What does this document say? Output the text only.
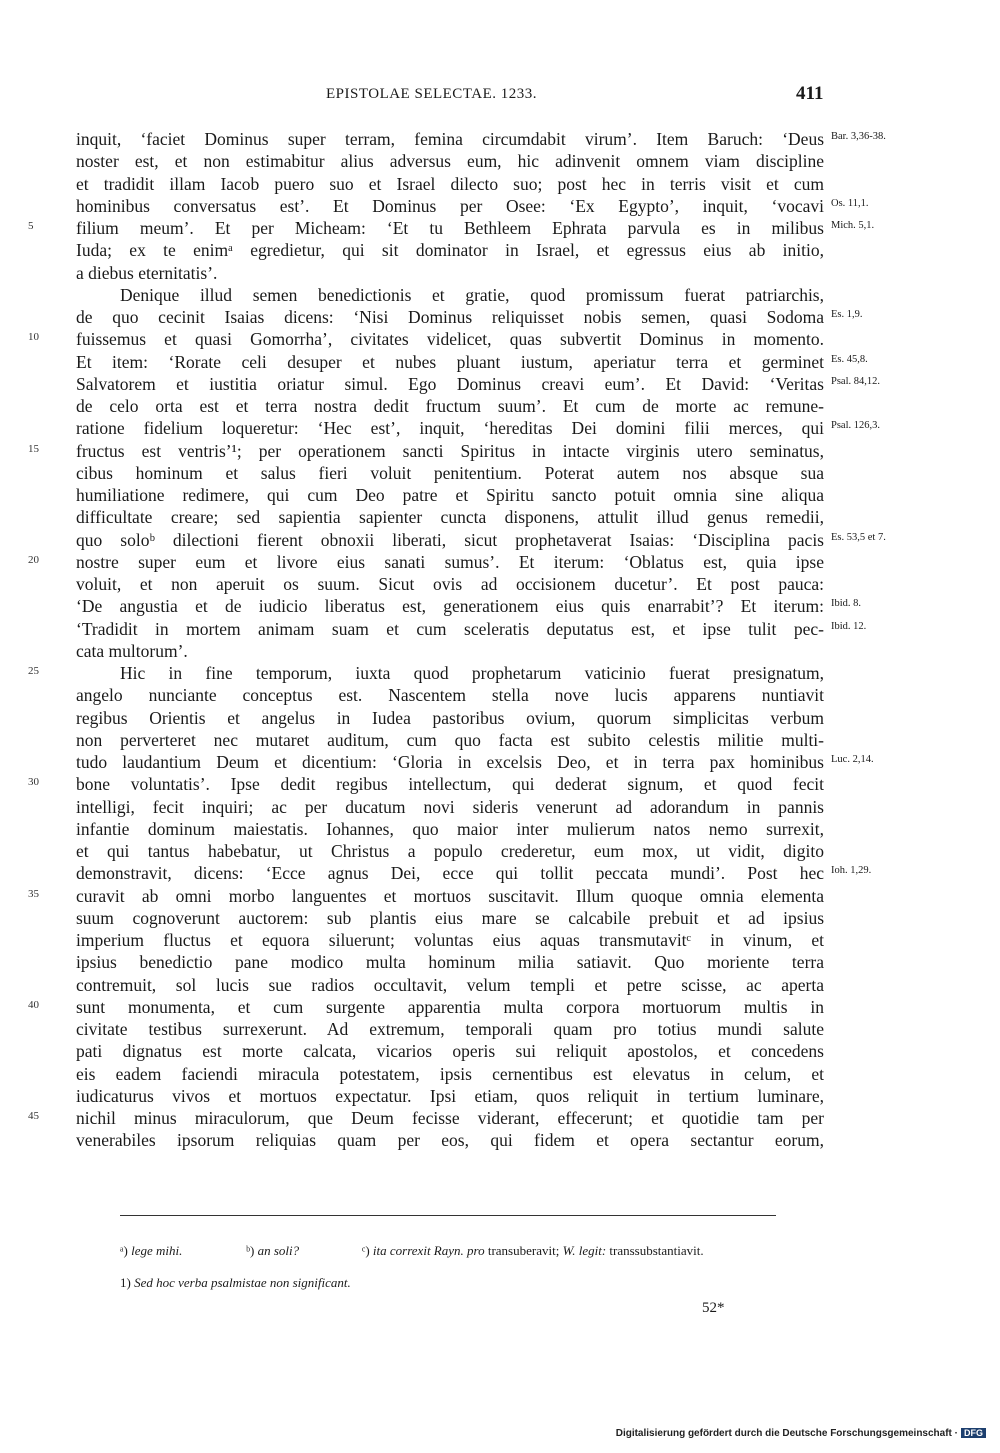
EPISTOLAE SELECTAE. 1233.	411
inquit, ‘faciet Dominus super terram, femina circumdabit virum’. Item Baruch: ‘Deus Bar. 3,36-38.
noster est, et non estimabitur alius adversus eum, hic adinvenit omnem viam discipline
et tradidit illam Iacob puero suo et Israel dilecto suo; post hec in terris visit et cum
hominibus conversatus est’. Et Dominus per Osee: ‘Ex Egypto’, inquit, ‘vocavi Os. 11,1.
5 filium meum’. Et per Micheam: ‘Et tu Bethleem Ephrata parvula es in milibus Mich. 5,1.
Iuda; ex te enimᵃ egredietur, qui sit dominator in Israel, et egressus eius ab initio,
a diebus eternitatis’.
Denique illud semen benedictionis et gratie, quod promissum fuerat patriarchis,
de quo cecinit Isaias dicens: ‘Nisi Dominus reliquisset nobis semen, quasi Sodoma Es. 1,9.
10 fuissemus et quasi Gomorrha’, civitates videlicet, quas subvertit Dominus in momento.
Et item: ‘Rorate celi desuper et nubes pluant iustum, aperiatur terra et germinet Es. 45,8.
Salvatorem et iustitia oriatur simul. Ego Dominus creavi eum’. Et David: ‘Veritas Psal. 84,12.
de celo orta est et terra nostra dedit fructum suum’. Et cum de morte ac remune-
ratione fidelium loqueretur: ‘Hec est’, inquit, ‘hereditas Dei domini filii merces, qui Psal. 126,3.
15 fructus est ventris’¹; per operationem sancti Spiritus in intacte virginis utero seminatus,
cibus hominum et salus fieri voluit penitentium. Poterat autem nos absque sua
humiliatione redimere, qui cum Deo patre et Spiritu sancto potuit omnia sine aliqua
difficultate creare; sed sapientia sapienter cuncta disponens, attulit illud genus remedii,
quo soloᵇ dilectioni fierent obnoxii liberati, sicut prophetaverat Isaias: ‘Disciplina pacis Es. 53,5 et 7.
20 nostre super eum et livore eius sanati sumus’. Et iterum: ‘Oblatus est, quia ipse
voluit, et non aperuit os suum. Sicut ovis ad occisionem ducetur’. Et post pauca:
‘De angustia et de iudicio liberatus est, generationem eius quis enarrabit’? Et iterum: Ibid. 8.
‘Tradidit in mortem animam suam et cum sceleratis deputatus est, et ipse tulit pec- Ibid. 12.
cata multorum’.
25	Hic in fine temporum, iuxta quod prophetarum vaticinio fuerat presignatum,
angelo nunciante conceptus est. Nascentem stella nove lucis apparens nuntiavit
regibus Orientis et angelus in Iudea pastoribus ovium, quorum simplicitas verbum
non perverteret nec mutaret auditum, cum quo facta est subito celestis militie multi-
tudo laudantium Deum et dicentium: ‘Gloria in excelsis Deo, et in terra pax hominibus Luc. 2,14.
30 bone voluntatis’. Ipse dedit regibus intellectum, qui dederat signum, et quod fecit
intelligi, fecit inquiri; ac per ducatum novi sideris venerunt ad adorandum in pannis
infantie dominum maiestatis. Iohannes, quo maior inter mulierum natos nemo surrexit,
et qui tantus habebatur, ut Christus a populo crederetur, eum mox, ut vidit, digito
demonstravit, dicens: ‘Ecce agnus Dei, ecce qui tollit peccata mundi’. Post hec Ioh. 1,29.
35 curavit ab omni morbo languentes et mortuos suscitavit. Illum quoque omnia elementa
suum cognoverunt auctorem: sub plantis eius mare se calcabile prebuit et ad ipsius
imperium fluctus et equora siluerunt; voluntas eius aquas transmutavitᶜ in vinum, et
ipsius benedictio pane modico multa hominum milia satiavit. Quo moriente terra
contremuit, sol lucis sue radios occultavit, velum templi et petre scisse, ac aperta
40 sunt monumenta, et cum surgente apparentia multa corpora mortuorum multis in
civitate testibus surrexerunt. Ad extremum, temporali quam pro totius mundi salute
pati dignatus est morte calcata, vicarios operis sui reliquit apostolos, et concedens
eis eadem faciendi miracula potestatem, ipsis cernentibus est elevatus in celum, et
iudicaturus vivos et mortuos expectatur. Ipsi etiam, quos reliquit in tertium luminare,
45 nichil minus miraculorum, que Deum fecisse viderant, effecerunt; et quotidie tam per
venerabiles ipsorum reliquias quam per eos, qui fidem et opera sectantur eorum,
ᵃ) lege mihi.	ᵇ) an soli?	ᶜ) ita correxit Rayn. pro transuberavit; W. legit: transsubstantiavit.
1) Sed hoc verba psalmistae non significant.
52*
Digitalisierung gefördert durch die Deutsche Forschungsgemeinschaft · DFG
